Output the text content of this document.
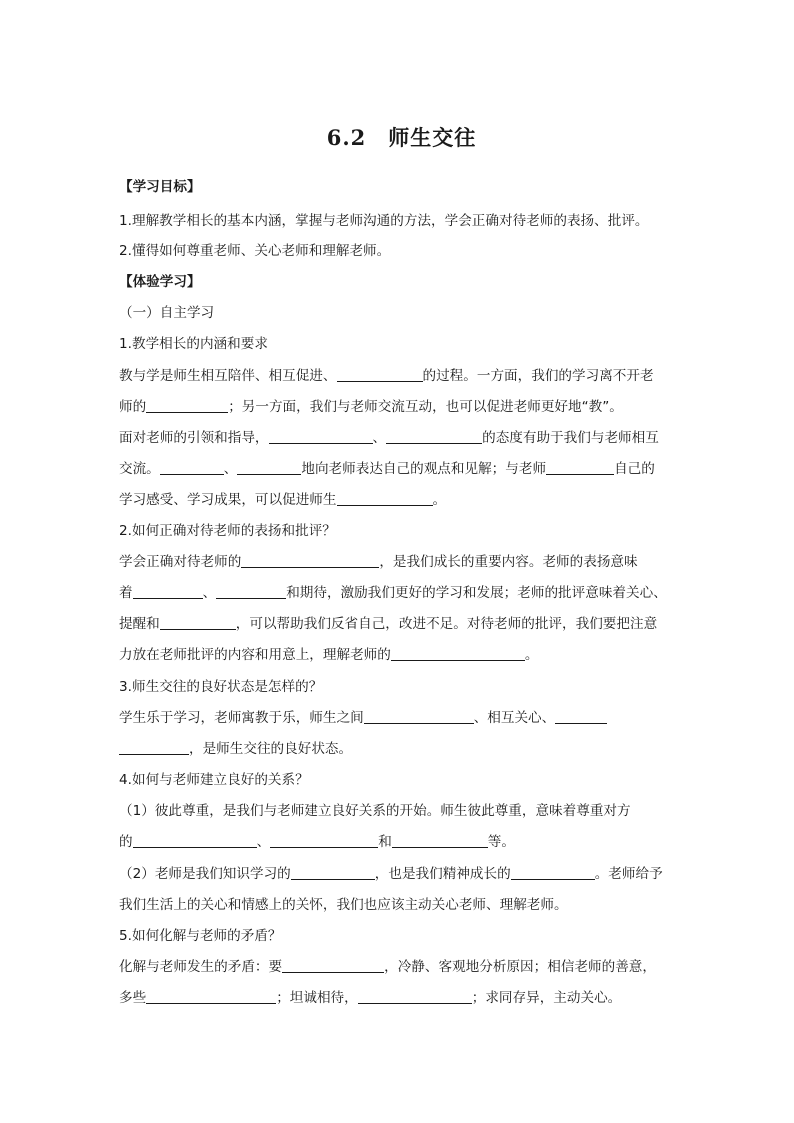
6.2　师生交往
【学习目标】
1.理解教学相长的基本内涵，掌握与老师沟通的方法，学会正确对待老师的表扬、批评。
2.懂得如何尊重老师、关心老师和理解老师。
【体验学习】
（一）自主学习
1.教学相长的内涵和要求
教与学是师生相互陪伴、相互促进、	的过程。一方面，我们的学习离不开老
师的	；另一方面，我们与老师交流互动，也可以促进老师更好地“教”。
面对老师的引领和指导，	、	的态度有助于我们与老师相互
交流。	、	地向老师表达自己的观点和见解；与老师	自己的
学习感受、学习成果，可以促进师生	。
2.如何正确对待老师的表扬和批评？
学会正确对待老师的	，是我们成长的重要内容。老师的表扬意味
着	、	和期待，激励我们更好的学习和发展；老师的批评意味着关心、
提醒和	，可以帮助我们反省自己，改进不足。对待老师的批评，我们要把注意
力放在老师批评的内容和用意上，理解老师的	。
3.师生交往的良好状态是怎样的？
学生乐于学习，老师寓教于乐，师生之间	、相互关心、
，是师生交往的良好状态。
4.如何与老师建立良好的关系？
（1）彼此尊重，是我们与老师建立良好关系的开始。师生彼此尊重，意味着尊重对方
的	、	和	等。
（2）老师是我们知识学习的	，也是我们精神成长的	。老师给予
我们生活上的关心和情感上的关怀，我们也应该主动关心老师、理解老师。
5.如何化解与老师的矛盾？
化解与老师发生的矛盾：要	，冷静、客观地分析原因；相信老师的善意，
多些	；坦诚相待，	；求同存异，主动关心。
